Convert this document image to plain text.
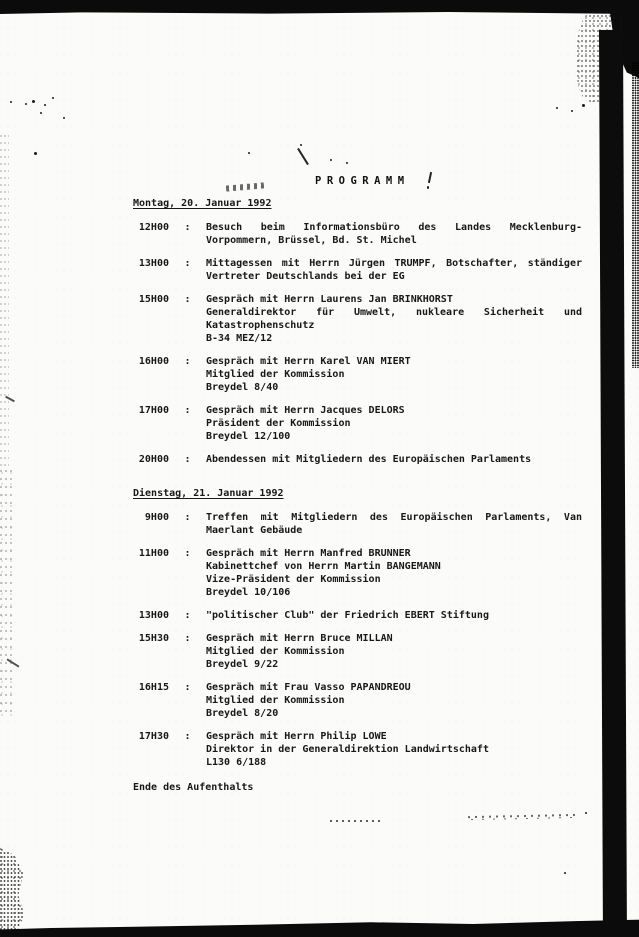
PROGRAMM
Montag, 20. Januar 1992
12H00	:	Besuch beim Informationsbüro des Landes Mecklenburg-
Vorpommern, Brüssel, Bd. St. Michel
13H00	:	Mittagessen mit Herrn Jürgen TRUMPF, Botschafter, ständiger
Vertreter Deutschlands bei der EG
15H00	:	Gespräch mit Herrn Laurens Jan BRINKHORST
Generaldirektor für Umwelt, nukleare Sicherheit und
Katastrophenschutz
B-34 MEZ/12
16H00	:	Gespräch mit Herrn Karel VAN MIERT
Mitglied der Kommission
Breydel 8/40
17H00	:	Gespräch mit Herrn Jacques DELORS
Präsident der Kommission
Breydel 12/100
20H00	:	Abendessen mit Mitgliedern des Europäischen Parlaments
Dienstag, 21. Januar 1992
9H00	:	Treffen mit Mitgliedern des Europäischen Parlaments, Van
Maerlant Gebäude
11H00	:	Gespräch mit Herrn Manfred BRUNNER
Kabinettchef von Herrn Martin BANGEMANN
Vize-Präsident der Kommission
Breydel 10/106
13H00	:	"politischer Club" der Friedrich EBERT Stiftung
15H30	:	Gespräch mit Herrn Bruce MILLAN
Mitglied der Kommission
Breydel 9/22
16H15	:	Gespräch mit Frau Vasso PAPANDREOU
Mitglied der Kommission
Breydel 8/20
17H30	:	Gespräch mit Herrn Philip LOWE
Direktor in der Generaldirektion Landwirtschaft
L130 6/188
Ende des Aufenthalts
